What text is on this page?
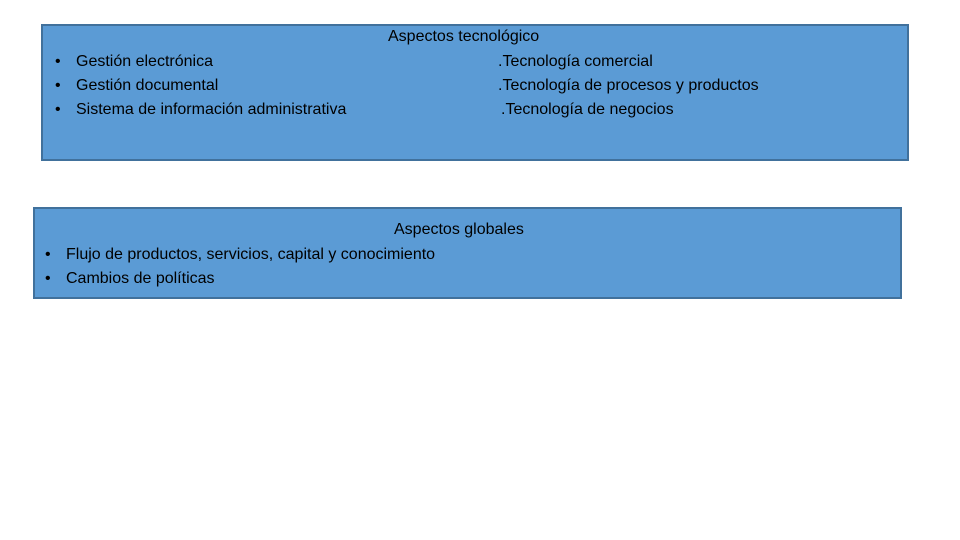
Aspectos tecnológico
• Gestión electrónica
• Gestión documental
• Sistema de información administrativa
.Tecnología comercial
.Tecnología de procesos y productos
.Tecnología de negocios
Aspectos globales
• Flujo de productos, servicios, capital y conocimiento
• Cambios de políticas
